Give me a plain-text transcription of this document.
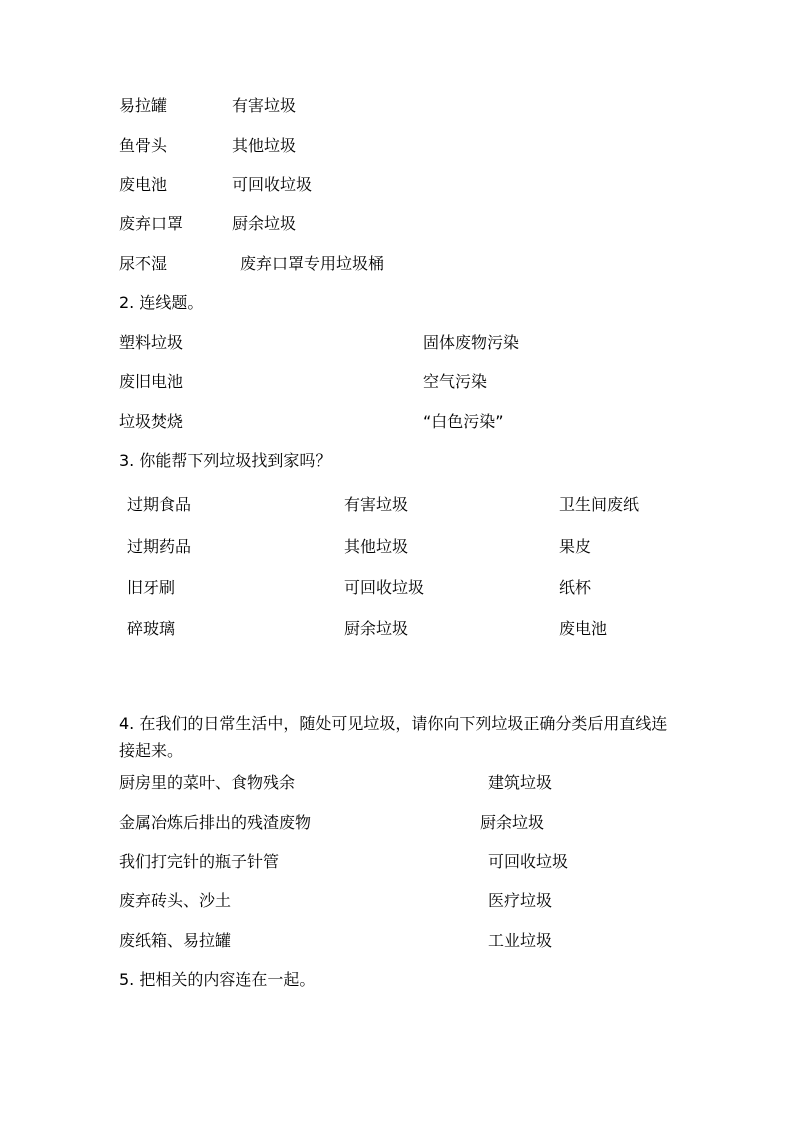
易拉罐	有害垃圾
鱼骨头	其他垃圾
废电池	可回收垃圾
废弃口罩	厨余垃圾
尿不湿	废弃口罩专用垃圾桶
2. 连线题。
塑料垃圾	固体废物污染
废旧电池	空气污染
垃圾焚烧	“白色污染”
3. 你能帮下列垃圾找到家吗？
过期食品	有害垃圾	卫生间废纸
过期药品	其他垃圾	果皮
旧牙刷	可回收垃圾	纸杯
碎玻璃	厨余垃圾	废电池
4. 在我们的日常生活中，随处可见垃圾，请你向下列垃圾正确分类后用直线连接起来。
厨房里的菜叶、食物残余	建筑垃圾
金属冶炼后排出的残渣废物	厨余垃圾
我们打完针的瓶子针管	可回收垃圾
废弃砖头、沙土	医疗垃圾
废纸箱、易拉罐	工业垃圾
5. 把相关的内容连在一起。
